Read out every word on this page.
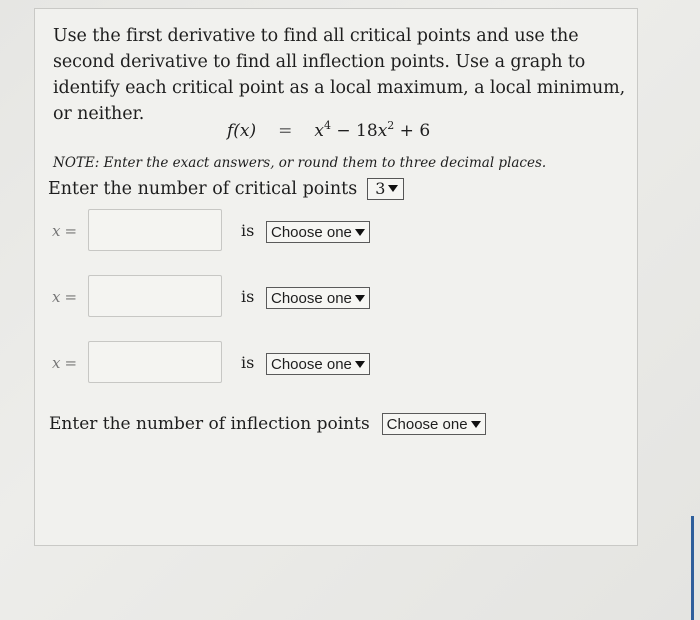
Use the first derivative to find all critical points and use the second derivative to find all inflection points. Use a graph to identify each critical point as a local maximum, a local minimum, or neither.
$f(x) = x^4 - 18x^2 + 6$
NOTE: Enter the exact answers, or round them to three decimal places.
Enter the number of critical points 3
x =	is Choose one
x =	is Choose one
x =	is Choose one
Enter the number of inflection points Choose one
